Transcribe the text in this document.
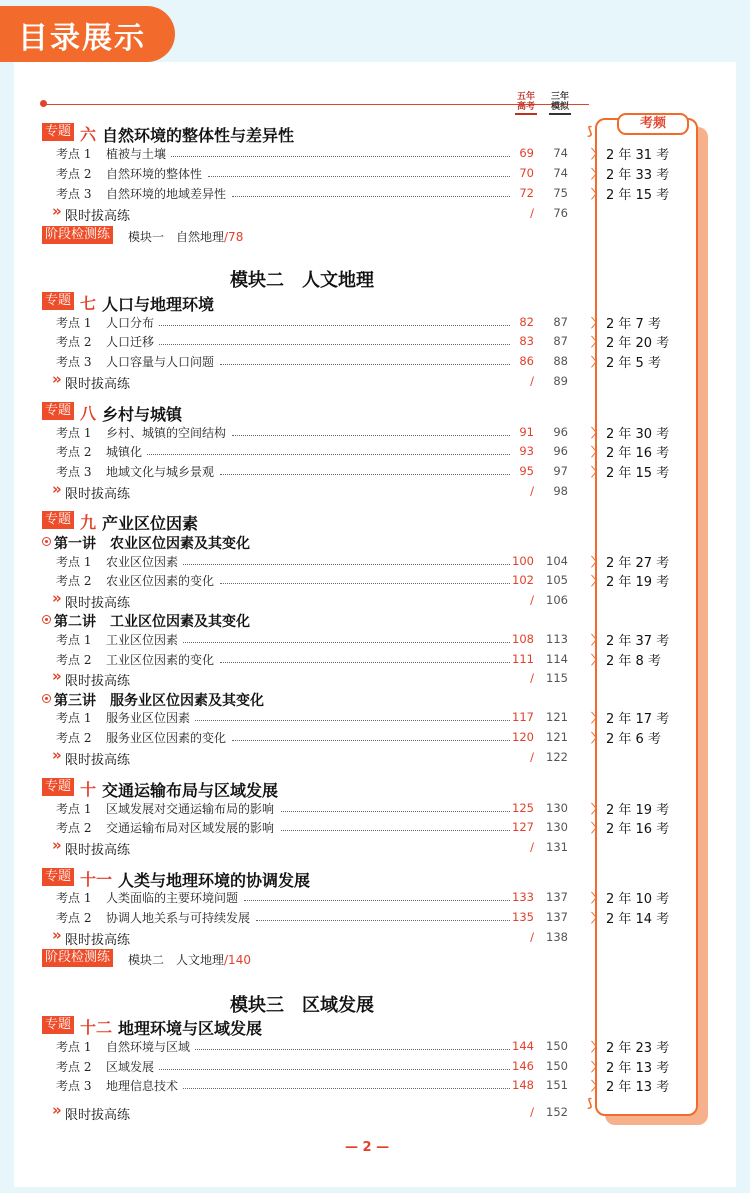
目录展示
五年高考
三年模拟
考频
⟆
⟆
阶段检测练 模块一　自然地理/78
阶段检测练 模块二　人文地理/140
模块二　人文地理
模块三　区域发展
— 2 —
专题 六 自然环境的整体性与差异性
考点 1 植被与土壤	69	74 〉 2 年 31 考
考点 2 自然环境的整体性	70	74 〉 2 年 33 考
考点 3 自然环境的地域差异性	72	75 〉 2 年 15 考
» 限时拔高练	/	76
专题 七 人口与地理环境
考点 1 人口分布	82	87 〉 2 年 7 考
考点 2 人口迁移	83	87 〉 2 年 20 考
考点 3 人口容量与人口问题	86	88 〉 2 年 5 考
» 限时拔高练	/	89
专题 八 乡村与城镇
考点 1 乡村、城镇的空间结构	91	96 〉 2 年 30 考
考点 2 城镇化	93	96 〉 2 年 16 考
考点 3 地域文化与城乡景观	95	97 〉 2 年 15 考
» 限时拔高练	/	98
专题 九 产业区位因素
第一讲　农业区位因素及其变化
考点 1 农业区位因素	100	104 〉 2 年 27 考
考点 2 农业区位因素的变化	102	105 〉 2 年 19 考
» 限时拔高练	/	106
第二讲　工业区位因素及其变化
考点 1 工业区位因素	108	113 〉 2 年 37 考
考点 2 工业区位因素的变化	111	114 〉 2 年 8 考
» 限时拔高练	/	115
第三讲　服务业区位因素及其变化
考点 1 服务业区位因素	117	121 〉 2 年 17 考
考点 2 服务业区位因素的变化	120	121 〉 2 年 6 考
» 限时拔高练	/	122
专题 十 交通运输布局与区域发展
考点 1 区域发展对交通运输布局的影响	125	130 〉 2 年 19 考
考点 2 交通运输布局对区域发展的影响	127	130 〉 2 年 16 考
» 限时拔高练	/	131
专题 十一 人类与地理环境的协调发展
考点 1 人类面临的主要环境问题	133	137 〉 2 年 10 考
考点 2 协调人地关系与可持续发展	135	137 〉 2 年 14 考
» 限时拔高练	/	138
专题 十二 地理环境与区域发展
考点 1 自然环境与区域	144	150 〉 2 年 23 考
考点 2 区域发展	146	150 〉 2 年 13 考
考点 3 地理信息技术	148	151 〉 2 年 13 考
» 限时拔高练	/	152
